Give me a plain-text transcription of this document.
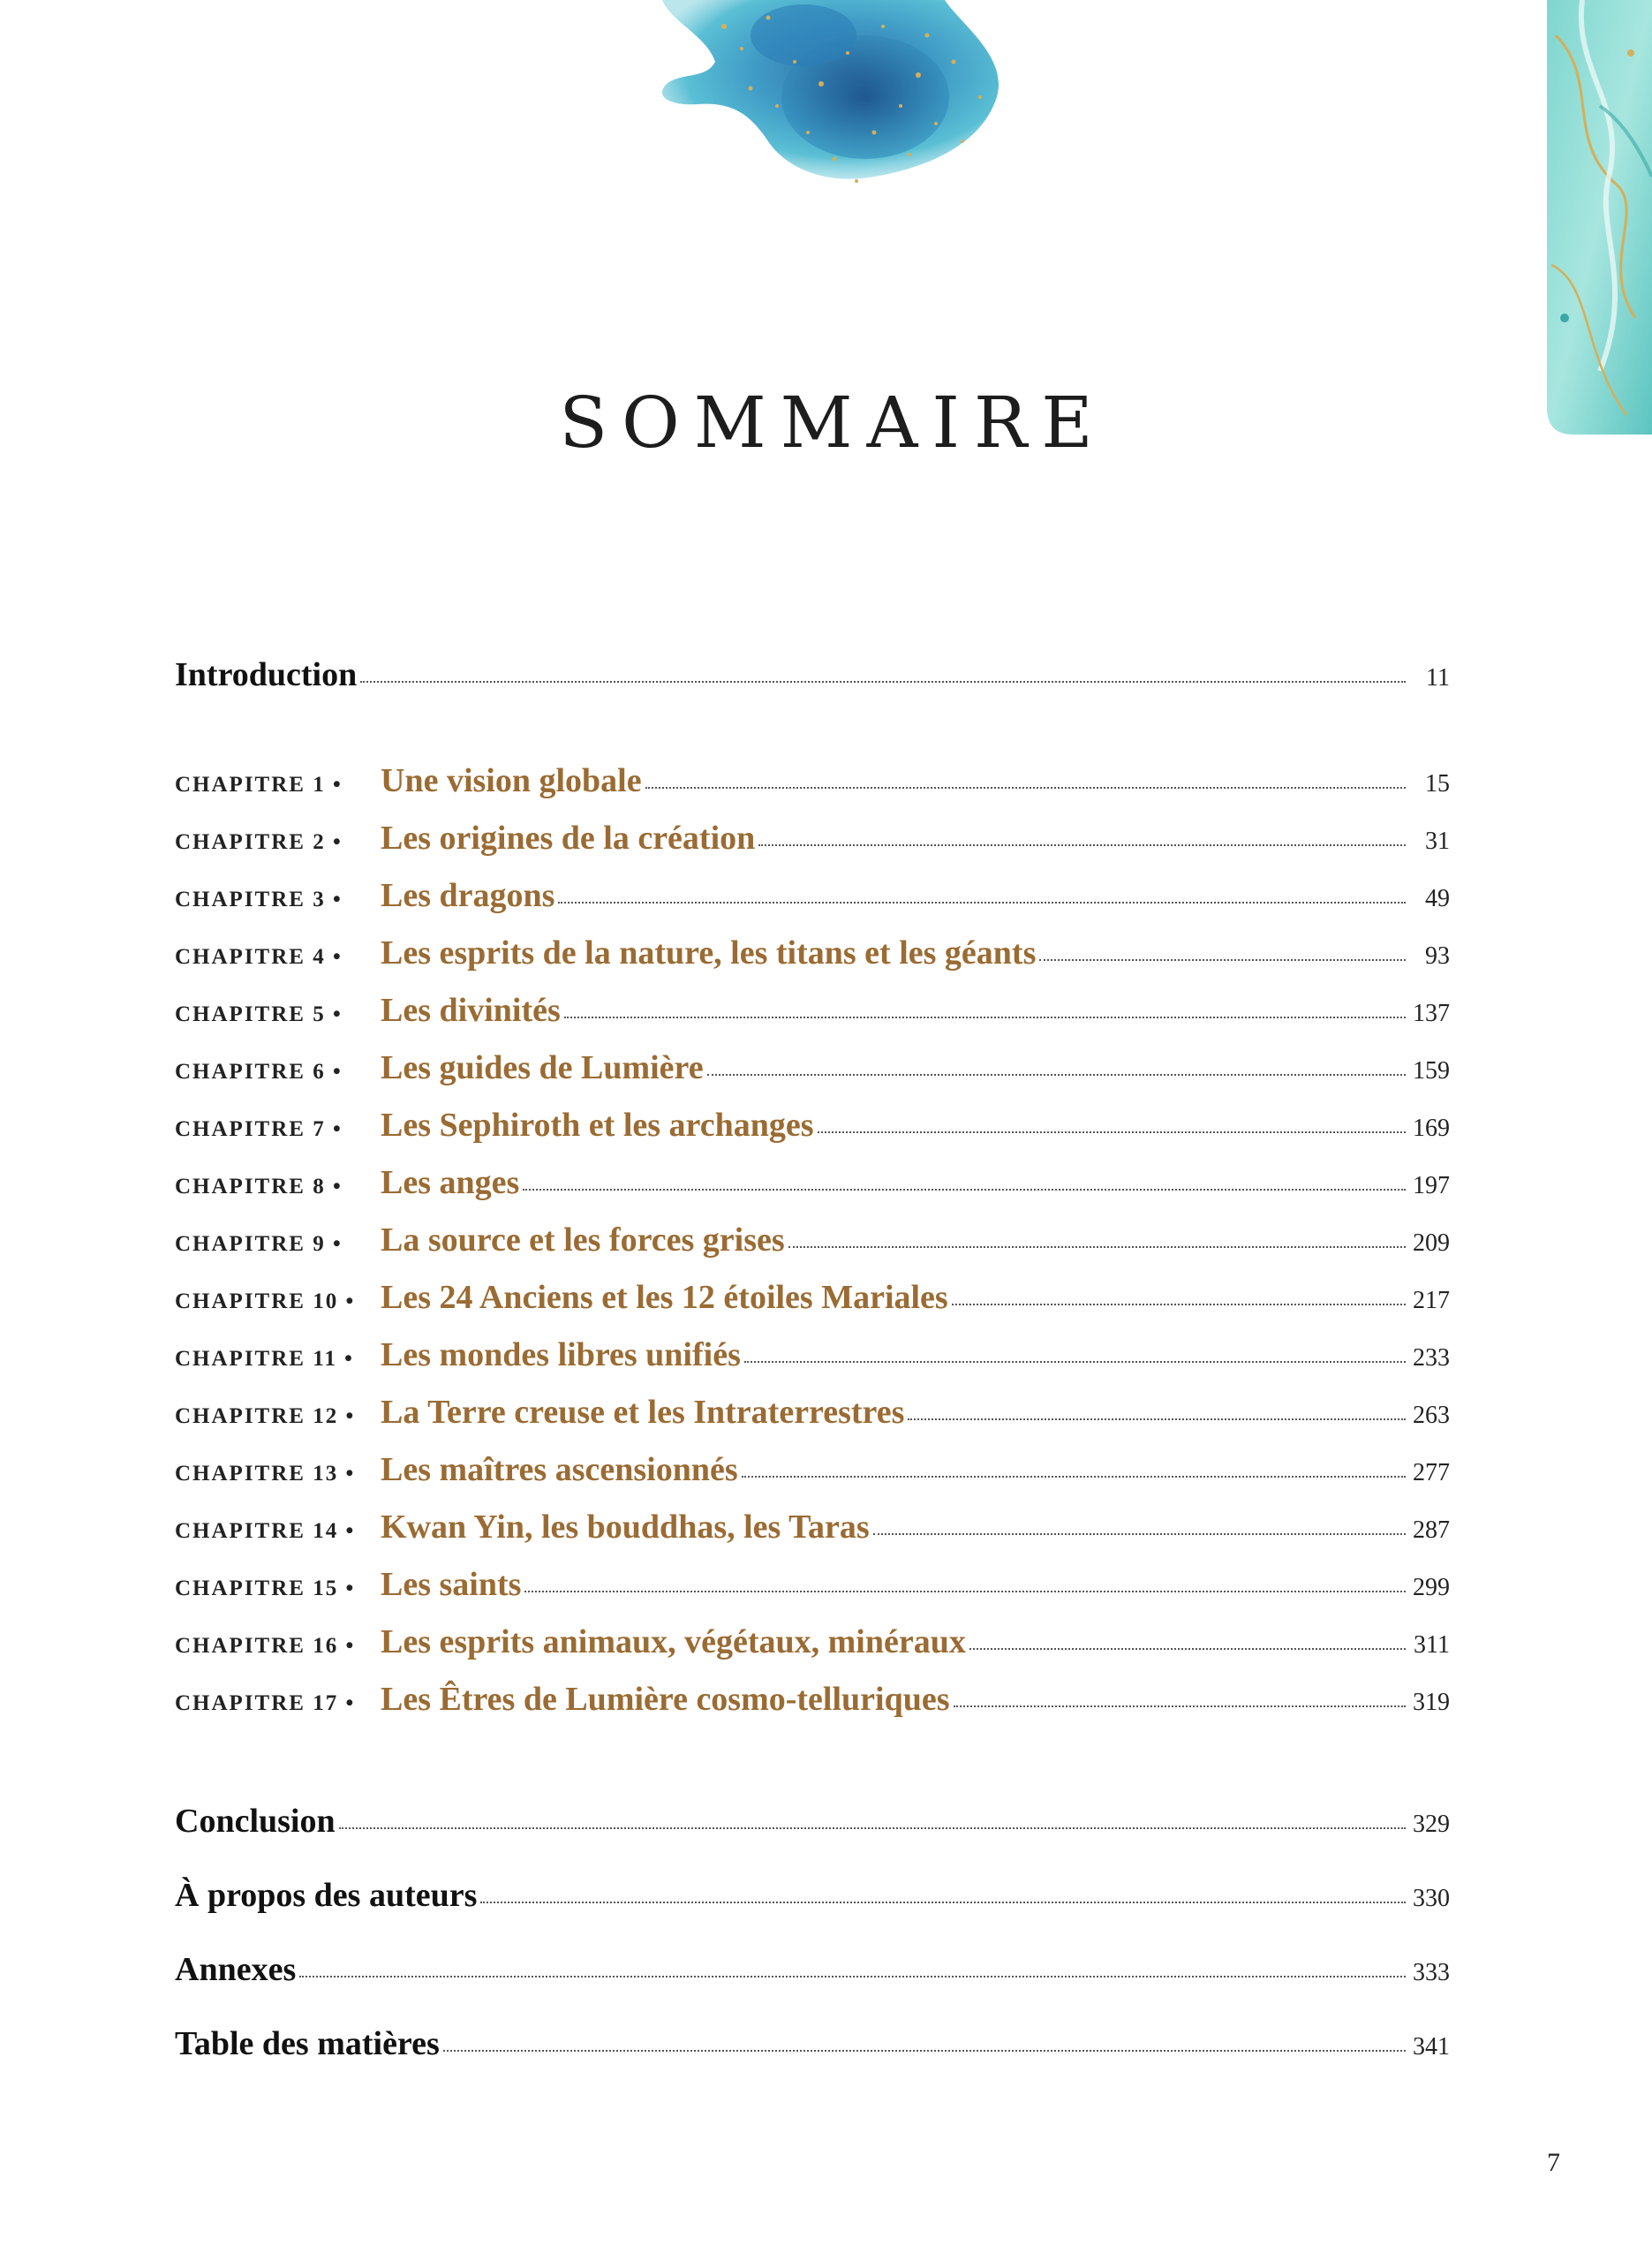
SOMMAIRE
Introduction	11
CHAPITRE 1 •	Une vision globale	15
CHAPITRE 2 •	Les origines de la création	31
CHAPITRE 3 •	Les dragons	49
CHAPITRE 4 •	Les esprits de la nature, les titans et les géants	93
CHAPITRE 5 •	Les divinités	137
CHAPITRE 6 •	Les guides de Lumière	159
CHAPITRE 7 •	Les Sephiroth et les archanges	169
CHAPITRE 8 •	Les anges	197
CHAPITRE 9 •	La source et les forces grises	209
CHAPITRE 10 • Les 24 Anciens et les 12 étoiles Mariales	217
CHAPITRE 11 • Les mondes libres unifiés	233
CHAPITRE 12 • La Terre creuse et les Intraterrestres	263
CHAPITRE 13 • Les maîtres ascensionnés	277
CHAPITRE 14 • Kwan Yin, les bouddhas, les Taras	287
CHAPITRE 15 • Les saints	299
CHAPITRE 16 • Les esprits animaux, végétaux, minéraux	311
CHAPITRE 17 • Les Êtres de Lumière cosmo-telluriques	319
Conclusion	329
À propos des auteurs	330
Annexes	333
Table des matières	341
7
